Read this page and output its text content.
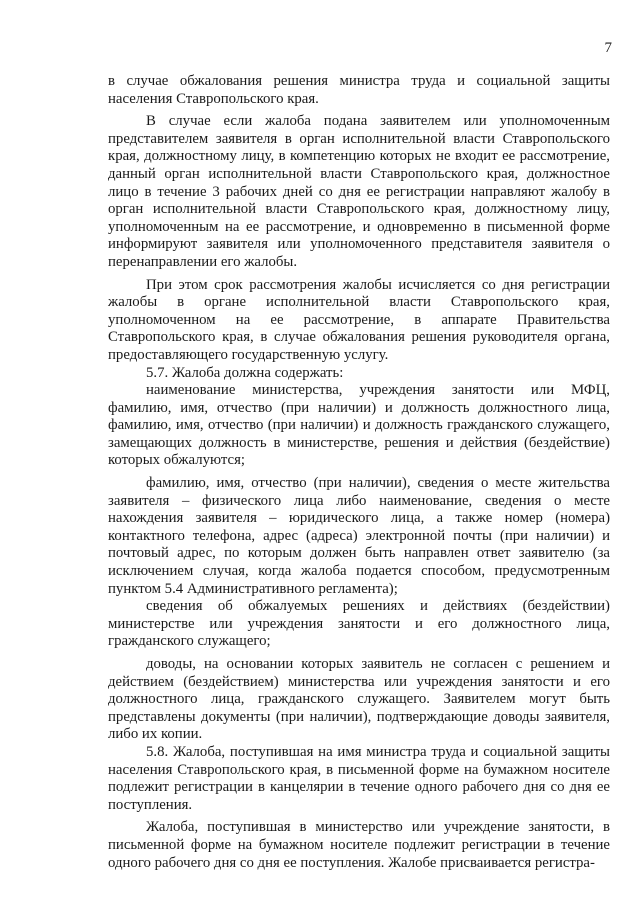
7

в случае обжалования решения министра труда и социальной защиты населения Ставропольского края.

В случае если жалоба подана заявителем или уполномоченным представителем заявителя в орган исполнительной власти Ставропольского края, должностному лицу, в компетенцию которых не входит ее рассмотрение, данный орган исполнительной власти Ставропольского края, должностное лицо в течение 3 рабочих дней со дня ее регистрации направляют жалобу в орган исполнительной власти Ставропольского края, должностному лицу, уполномоченным на ее рассмотрение, и одновременно в письменной форме информируют заявителя или уполномоченного представителя заявителя о перенаправлении его жалобы.

При этом срок рассмотрения жалобы исчисляется со дня регистрации жалобы в органе исполнительной власти Ставропольского края, уполномоченном на ее рассмотрение, в аппарате Правительства Ставропольского края, в случае обжалования решения руководителя органа, предоставляющего государственную услугу.

5.7. Жалоба должна содержать:

наименование министерства, учреждения занятости или МФЦ, фамилию, имя, отчество (при наличии) и должность должностного лица, фамилию, имя, отчество (при наличии) и должность гражданского служащего, замещающих должность в министерстве, решения и действия (бездействие) которых обжалуются;

фамилию, имя, отчество (при наличии), сведения о месте жительства заявителя – физического лица либо наименование, сведения о месте нахождения заявителя – юридического лица, а также номер (номера) контактного телефона, адрес (адреса) электронной почты (при наличии) и почтовый адрес, по которым должен быть направлен ответ заявителю (за исключением случая, когда жалоба подается способом, предусмотренным пунктом 5.4 Административного регламента);

сведения об обжалуемых решениях и действиях (бездействии) министерстве или учреждения занятости и его должностного лица, гражданского служащего;

доводы, на основании которых заявитель не согласен с решением и действием (бездействием) министерства или учреждения занятости и его должностного лица, гражданского служащего. Заявителем могут быть представлены документы (при наличии), подтверждающие доводы заявителя, либо их копии.

5.8. Жалоба, поступившая на имя министра труда и социальной защиты населения Ставропольского края, в письменной форме на бумажном носителе подлежит регистрации в канцелярии в течение одного рабочего дня со дня ее поступления.

Жалоба, поступившая в министерство или учреждение занятости, в письменной форме на бумажном носителе подлежит регистрации в течение одного рабочего дня со дня ее поступления. Жалобе присваивается регистра-
